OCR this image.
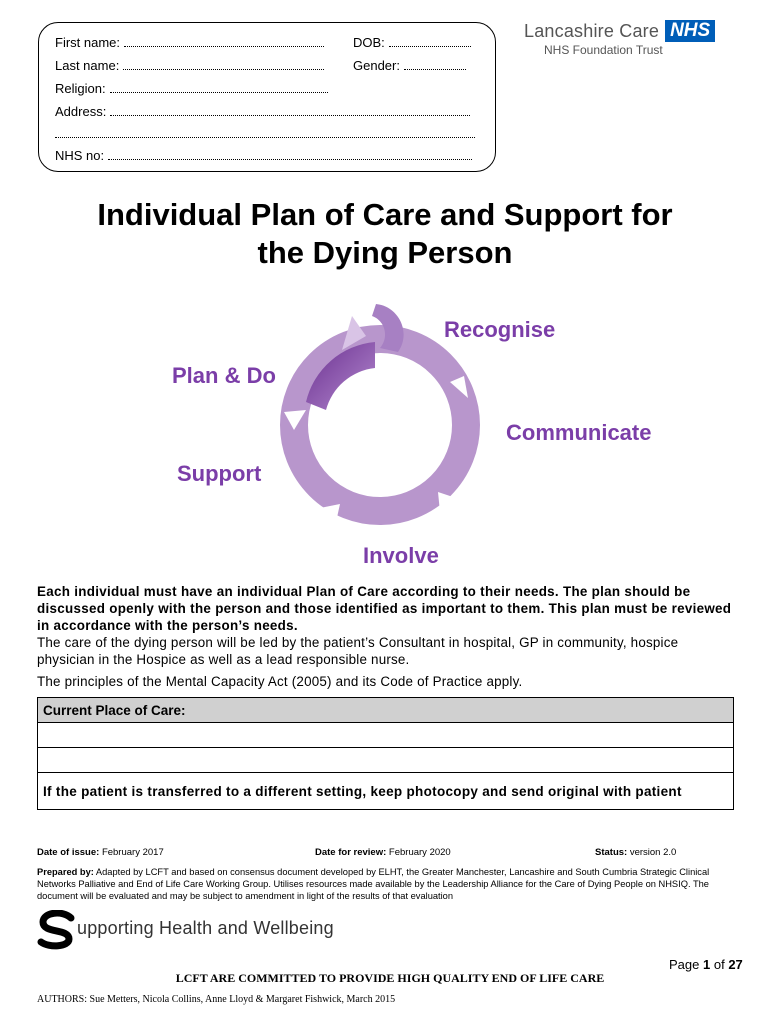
First name:	DOB:
Last name:	Gender:
Religion:
Address:
NHS no:
Lancashire Care NHS
NHS Foundation Trust
Individual Plan of Care and Support for
the Dying Person
Recognise
Plan & Do
Communicate
Support
Involve
Each individual must have an individual Plan of Care according to their needs. The plan should be discussed openly with the person and those identified as important to them. This plan must be reviewed in accordance with the person’s needs.
The care of the dying person will be led by the patient’s Consultant in hospital, GP in community, hospice physician in the Hospice as well as a lead responsible nurse.
The principles of the Mental Capacity Act (2005) and its Code of Practice apply.
Current Place of Care:

If the patient is transferred to a different setting, keep photocopy and send original with patient
Date of issue: February 2017	Date for review: February 2020	Status: version 2.0
Prepared by: Adapted by LCFT and based on consensus document developed by ELHT, the Greater Manchester, Lancashire and South Cumbria Strategic Clinical Networks Palliative and End of Life Care Working Group. Utilises resources made available by the Leadership Alliance for the Care of Dying People on NHSIQ. The document will be evaluated and may be subject to amendment in light of the results of that evaluation
upporting Health and Wellbeing
Page 1 of 27
LCFT ARE COMMITTED TO PROVIDE HIGH QUALITY END OF LIFE CARE
AUTHORS: Sue Metters, Nicola Collins, Anne Lloyd & Margaret Fishwick, March 2015
